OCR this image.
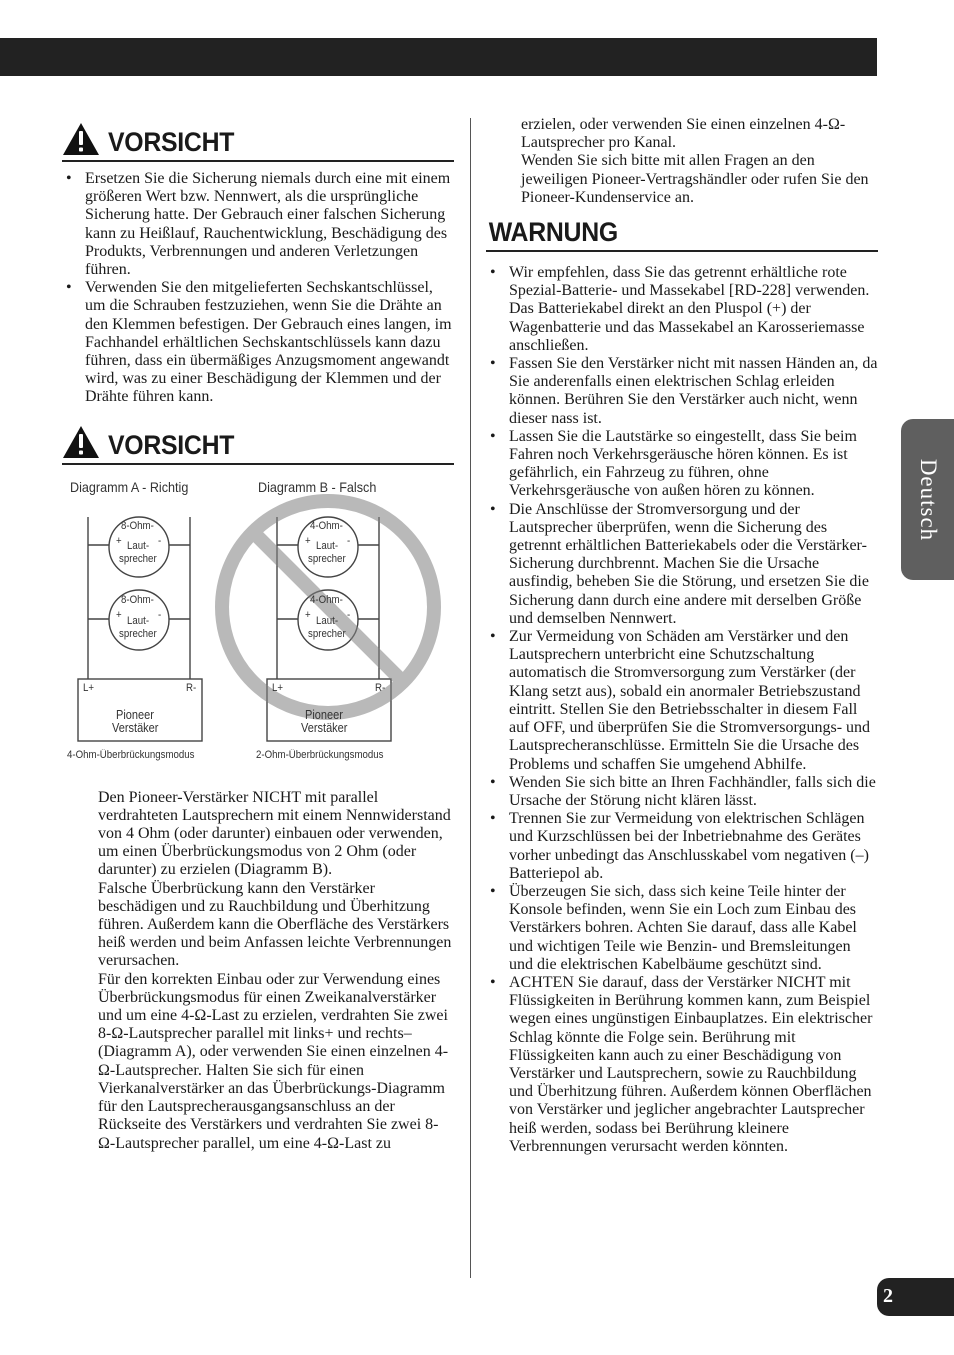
VORSICHT
• Ersetzen Sie die Sicherung niemals durch eine mit einem größeren Wert bzw. Nennwert, als die ursprüngliche Sicherung hatte. Der Gebrauch einer falschen Sicherung kann zu Heißlauf, Rauchentwicklung, Beschädigung des Produkts, Verbrennungen und anderen Verletzungen führen.
• Verwenden Sie den mitgelieferten Sechskantschlüssel, um die Schrauben festzuziehen, wenn Sie die Drähte an den Klemmen befestigen. Der Gebrauch eines langen, im Fachhandel erhältlichen Sechskantschlüssels kann dazu führen, dass ein übermäßiges Anzugsmoment angewandt wird, was zu einer Beschädigung der Klemmen und der Drähte führen kann.
VORSICHT
Diagramm A - Richtig	Diagramm B - Falsch
8-Ohm-
+	-
Laut-
sprecher
8-Ohm-
+	-
Laut-
sprecher
L+	R-
Pioneer
Verstäker
4-Ohm-
+	-
Laut-
sprecher
4-Ohm-
+	-
Laut-
sprecher
L+	R-
Pioneer
Verstäker
4-Ohm-Überbrückungsmodus	2-Ohm-Überbrückungsmodus

Den Pioneer-Verstärker NICHT mit parallel verdrahteten Lautsprechern mit einem Nennwiderstand von 4 Ohm (oder darunter) einbauen oder verwenden, um einen Überbrückungsmodus von 2 Ohm (oder darunter) zu erzielen (Diagramm B).

Falsche Überbrückung kann den Verstärker beschädigen und zu Rauchbildung und Überhitzung führen. Außerdem kann die Oberfläche des Verstärkers heiß werden und beim Anfassen leichte Verbrennungen verursachen.

Für den korrekten Einbau oder zur Verwendung eines Überbrückungsmodus für einen Zweikanalverstärker und um eine 4-Ω-Last zu erzielen, verdrahten Sie zwei 8-Ω-Lautsprecher parallel mit links+ und rechts– (Diagramm A), oder verwenden Sie einen einzelnen 4-Ω-Lautsprecher. Halten Sie sich für einen Vierkanalverstärker an das Überbrückungs-Diagramm für den Lautsprecherausgangsanschluss an der Rückseite des Verstärkers und verdrahten Sie zwei 8-Ω-Lautsprecher parallel, um eine 4-Ω-Last zu

erzielen, oder verwenden Sie einen einzelnen 4-Ω-Lautsprecher pro Kanal.

Wenden Sie sich bitte mit allen Fragen an den jeweiligen Pioneer-Vertragshändler oder rufen Sie den Pioneer-Kundenservice an.

WARNUNG
• Wir empfehlen, dass Sie das getrennt erhältliche rote Spezial-Batterie- und Massekabel [RD-228] verwenden. Das Batteriekabel direkt an den Pluspol (+) der Wagenbatterie und das Massekabel an Karosseriemasse anschließen.
• Fassen Sie den Verstärker nicht mit nassen Händen an, da Sie anderenfalls einen elektrischen Schlag erleiden können. Berühren Sie den Verstärker auch nicht, wenn dieser nass ist.
• Lassen Sie die Lautstärke so eingestellt, dass Sie beim Fahren noch Verkehrsgeräusche hören können. Es ist gefährlich, ein Fahrzeug zu führen, ohne Verkehrsgeräusche von außen hören zu können.
• Die Anschlüsse der Stromversorgung und der Lautsprecher überprüfen, wenn die Sicherung des getrennt erhältlichen Batteriekabels oder die Verstärker-Sicherung durchbrennt. Machen Sie die Ursache ausfindig, beheben Sie die Störung, und ersetzen Sie die Sicherung dann durch eine andere mit derselben Größe und demselben Nennwert.
• Zur Vermeidung von Schäden am Verstärker und den Lautsprechern unterbricht eine Schutzschaltung automatisch die Stromversorgung zum Verstärker (der Klang setzt aus), sobald ein anormaler Betriebszustand eintritt. Stellen Sie den Betriebsschalter in diesem Fall auf OFF, und überprüfen Sie die Stromversorgungs- und Lautsprecheranschlüsse. Ermitteln Sie die Ursache des Problems und schaffen Sie umgehend Abhilfe.
• Wenden Sie sich bitte an Ihren Fachhändler, falls sich die Ursache der Störung nicht klären lässt.
• Trennen Sie zur Vermeidung von elektrischen Schlägen und Kurzschlüssen bei der Inbetriebnahme des Gerätes vorher unbedingt das Anschlusskabel vom negativen (–) Batteriepol ab.
• Überzeugen Sie sich, dass sich keine Teile hinter der Konsole befinden, wenn Sie ein Loch zum Einbau des Verstärkers bohren. Achten Sie darauf, dass alle Kabel und wichtigen Teile wie Benzin- und Bremsleitungen und die elektrischen Kabelbäume geschützt sind.
• ACHTEN Sie darauf, dass der Verstärker NICHT mit Flüssigkeiten in Berührung kommen kann, zum Beispiel wegen eines ungünstigen Einbauplatzes. Ein elektrischer Schlag könnte die Folge sein. Berührung mit Flüssigkeiten kann auch zu einer Beschädigung von Verstärker und Lautsprechern, sowie zu Rauchbildung und Überhitzung führen. Außerdem können Oberflächen von Verstärker und jeglicher angebrachter Lautsprecher heiß werden, sodass bei Berührung kleinere Verbrennungen verursacht werden könnten.
Deutsch
2
